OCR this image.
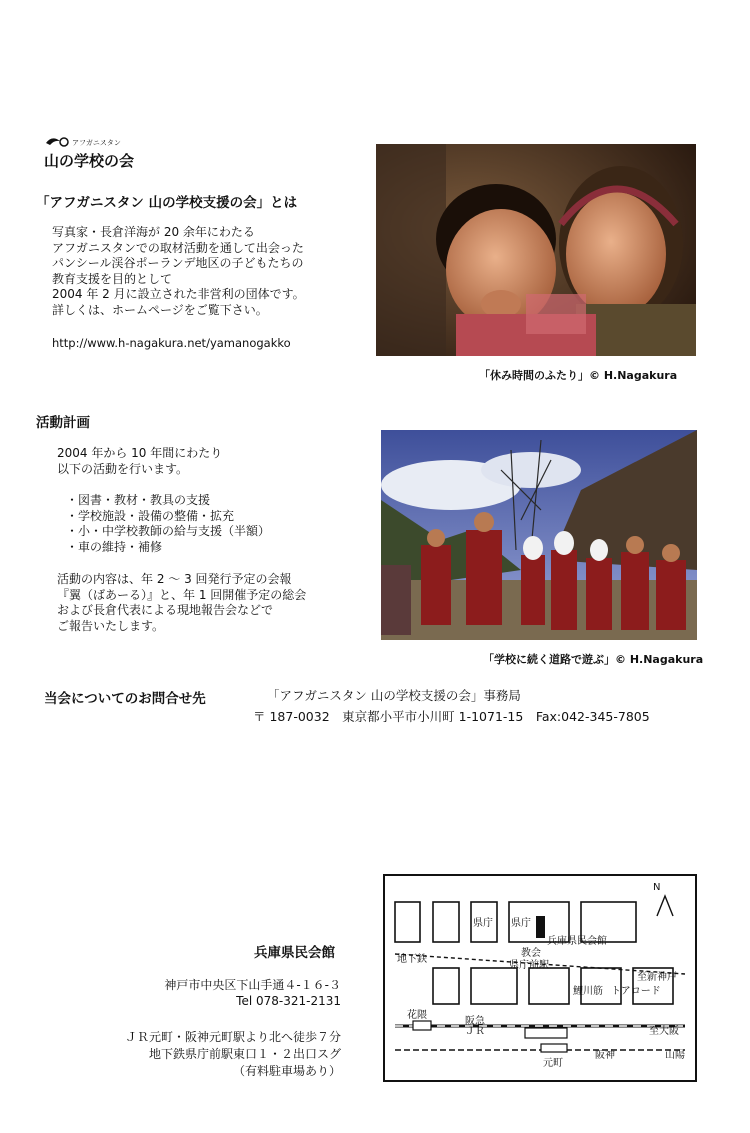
アフガニスタン
山の学校の会
「アフガニスタン 山の学校支援の会」とは
写真家・長倉洋海が 20 余年にわたる
アフガニスタンでの取材活動を通して出会った
パンシール渓谷ポーランデ地区の子どもたちの
教育支援を目的として
2004 年 2 月に設立された非営利の団体です。
詳しくは、ホームページをご覧下さい。
http://www.h-nagakura.net/yamanogakko
「休み時間のふたり」© H.Nagakura
活動計画
2004 年から 10 年間にわたり
以下の活動を行います。
・図書・教材・教具の支援
・学校施設・設備の整備・拡充
・小・中学校教師の給与支援（半額）
・車の維持・補修
活動の内容は、年 2 ～ 3 回発行予定の会報
『翼（ばあーる）』と、年 1 回開催予定の総会
および長倉代表による現地報告会などで
ご報告いたします。
「学校に続く道路で遊ぶ」© H.Nagakura
当会についてのお問合せ先	「アフガニスタン 山の学校支援の会」事務局
〒 187‐0032　東京都小平市小川町 1‐1071‐15　Fax:042‐345‐7805
兵庫県民会館
神戸市中央区下山手通４‐１６‐３
Tel 078‐321‐2131
ＪＲ元町・阪神元町駅より北へ徒歩７分
地下鉄県庁前駅東口１・２出口スグ
（有料駐車場あり）
県庁 県庁
教会
兵庫県民会館
地下鉄
県庁前駅
至新神戸
花隈
至大阪
元町
N
トアロード
鯉川筋
ＪＲ
阪神
阪急
山陽
